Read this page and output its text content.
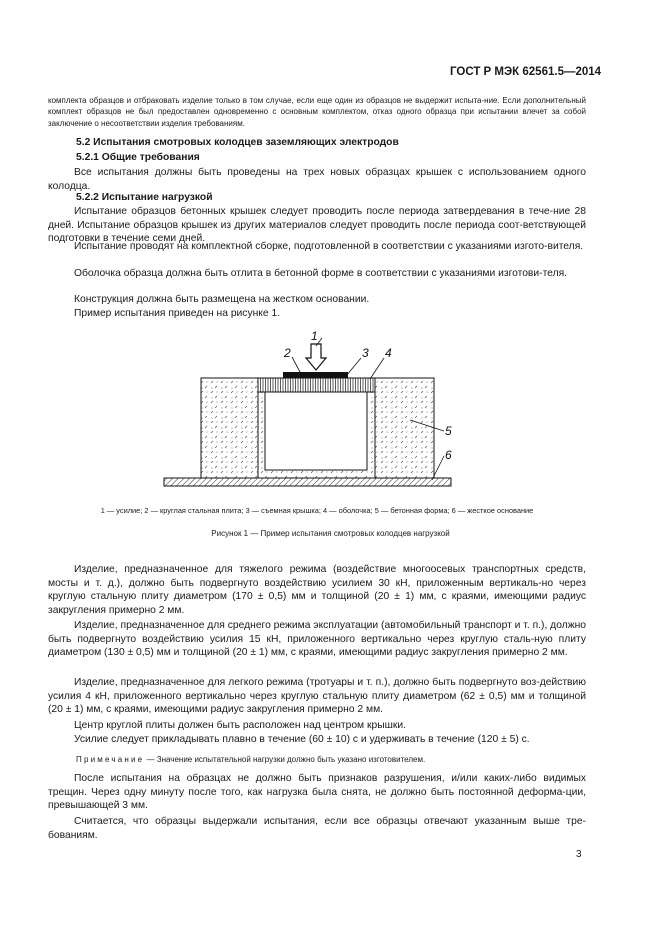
ГОСТ Р МЭК 62561.5—2014

комплекта образцов и отбраковать изделие только в том случае, если еще один из образцов не выдержит испыта-ние. Если дополнительный комплект образцов не был предоставлен одновременно с основным комплектом, отказ одного образца при испытании влечет за собой заключение о несоответствии изделия требованиям.

5.2 Испытания смотровых колодцев заземляющих электродов
5.2.1 Общие требования

Все испытания должны быть проведены на трех новых образцах крышек с использованием одного колодца.

5.2.2 Испытание нагрузкой

Испытание образцов бетонных крышек следует проводить после периода затвердевания в тече-ние 28 дней. Испытание образцов крышек из других материалов следует проводить после периода соот-ветствующей подготовки в течение семи дней.

Испытание проводят на комплектной сборке, подготовленной в соответствии с указаниями изгото-вителя.

Оболочка образца должна быть отлита в бетонной форме в соответствии с указаниями изготови-теля.

Конструкция должна быть размещена на жестком основании.

Пример испытания приведен на рисунке 1.

1
2	3 4
5
6
1 — усилие; 2 — круглая стальная плита; 3 — съемная крышка; 4 — оболочка; 5 — бетонная форма; 6 — жесткое основание
Рисунок 1 — Пример испытания смотровых колодцев нагрузкой

Изделие, предназначенное для тяжелого режима (воздействие многоосевых транспортных средств, мосты и т. д.), должно быть подвергнуто воздействию усилием 30 кН, приложенным вертикаль-но через круглую стальную плиту диаметром (170 ± 0,5) мм и толщиной (20 ± 1) мм, с краями, имеющими радиус закругления примерно 2 мм.

Изделие, предназначенное для среднего режима эксплуатации (автомобильный транспорт и т. п.), должно быть подвергнуто воздействию усилия 15 кН, приложенного вертикально через круглую сталь-ную плиту диаметром (130 ± 0,5) мм и толщиной (20 ± 1) мм, с краями, имеющими радиус закругления примерно 2 мм.

Изделие, предназначенное для легкого режима (тротуары и т. п.), должно быть подвергнуто воз-действию усилия 4 кН, приложенного вертикально через круглую стальную плиту диаметром (62 ± 0,5) мм и толщиной (20 ± 1) мм, с краями, имеющими радиус закругления примерно 2 мм.

Центр круглой плиты должен быть расположен над центром крышки.

Усилие следует прикладывать плавно в течение (60 ± 10) с и удерживать в течение (120 ± 5) с.

Примечание — Значение испытательной нагрузки должно быть указано изготовителем.

После испытания на образцах не должно быть признаков разрушения, и/или каких-либо видимых трещин. Через одну минуту после того, как нагрузка была снята, не должно быть постоянной деформа-ции, превышающей 3 мм.

Считается, что образцы выдержали испытания, если все образцы отвечают указанным выше тре-бованиям.

3
